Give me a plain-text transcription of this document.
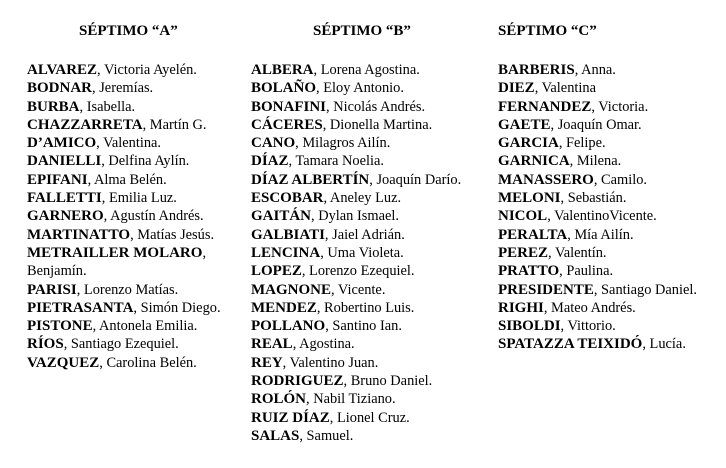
SÉPTIMO “A”
ALVAREZ, Victoria Ayelén.
BODNAR, Jeremías.
BURBA, Isabella.
CHAZZARRETA, Martín G.
D’AMICO, Valentina.
DANIELLI, Delfina Aylín.
EPIFANI, Alma Belén.
FALLETTI, Emilia Luz.
GARNERO, Agustín Andrés.
MARTINATTO, Matías Jesús.
METRAILLER MOLARO, Benjamín.
PARISI, Lorenzo Matías.
PIETRASANTA, Simón Diego.
PISTONE, Antonela Emilia.
RÍOS, Santiago Ezequiel.
VAZQUEZ, Carolina Belén.
SÉPTIMO “B”
ALBERA, Lorena Agostina.
BOLAÑO, Eloy Antonio.
BONAFINI, Nicolás Andrés.
CÁCERES, Dionella Martina.
CANO, Milagros Ailín.
DÍAZ, Tamara Noelia.
DÍAZ ALBERTÍN, Joaquín Darío.
ESCOBAR, Aneley Luz.
GAITÁN, Dylan Ismael.
GALBIATI, Jaiel Adrián.
LENCINA, Uma Violeta.
LOPEZ, Lorenzo Ezequiel.
MAGNONE, Vicente.
MENDEZ, Robertino Luis.
POLLANO, Santino Ian.
REAL, Agostina.
REY, Valentino Juan.
RODRIGUEZ, Bruno Daniel.
ROLÓN, Nabil Tiziano.
RUIZ DÍAZ, Lionel Cruz.
SALAS, Samuel.
SÉPTIMO “C”
BARBERIS, Anna.
DIEZ, Valentina
FERNANDEZ, Victoria.
GAETE, Joaquín Omar.
GARCIA, Felipe.
GARNICA, Milena.
MANASSERO, Camilo.
MELONI, Sebastián.
NICOL, ValentinoVicente.
PERALTA, Mía Ailín.
PEREZ, Valentín.
PRATTO, Paulina.
PRESIDENTE, Santiago Daniel.
RIGHI, Mateo Andrés.
SIBOLDI, Vittorio.
SPATAZZA TEIXIDÓ, Lucía.
